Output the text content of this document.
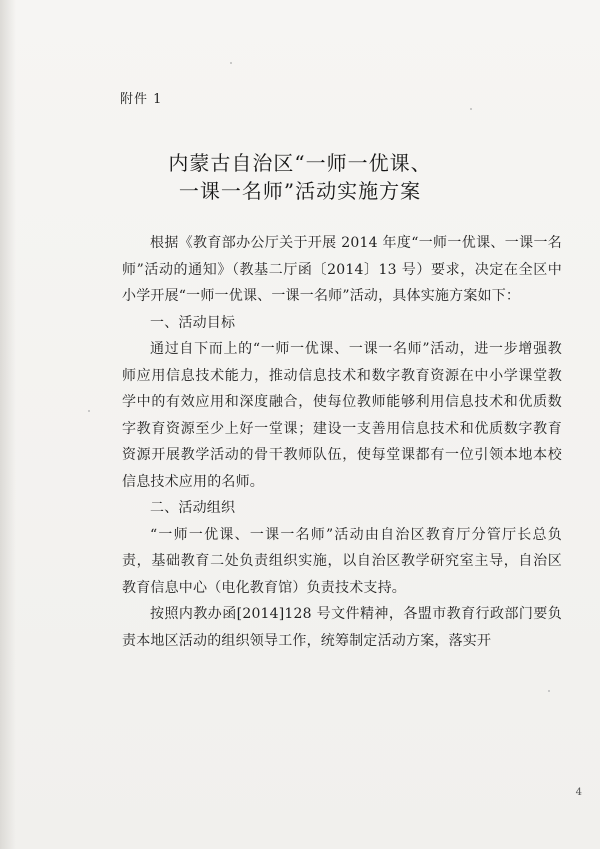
附件 1
内蒙古自治区“一师一优课、
一课一名师”活动实施方案

根据《教育部办公厅关于开展 2014 年度“一师一优课、一课一名师”活动的通知》（教基二厅函〔2014〕13 号）要求，决定在全区中小学开展“一师一优课、一课一名师”活动，具体实施方案如下：

一、活动目标

通过自下而上的“一师一优课、一课一名师”活动，进一步增强教师应用信息技术能力，推动信息技术和数字教育资源在中小学课堂教学中的有效应用和深度融合，使每位教师能够利用信息技术和优质数字教育资源至少上好一堂课；建设一支善用信息技术和优质数字教育资源开展教学活动的骨干教师队伍，使每堂课都有一位引领本地本校信息技术应用的名师。

二、活动组织

“一师一优课、一课一名师”活动由自治区教育厅分管厅长总负责，基础教育二处负责组织实施，以自治区教学研究室主导，自治区教育信息中心（电化教育馆）负责技术支持。

按照内教办函[2014]128 号文件精神，各盟市教育行政部门要负责本地区活动的组织领导工作，统筹制定活动方案，落实开

4
